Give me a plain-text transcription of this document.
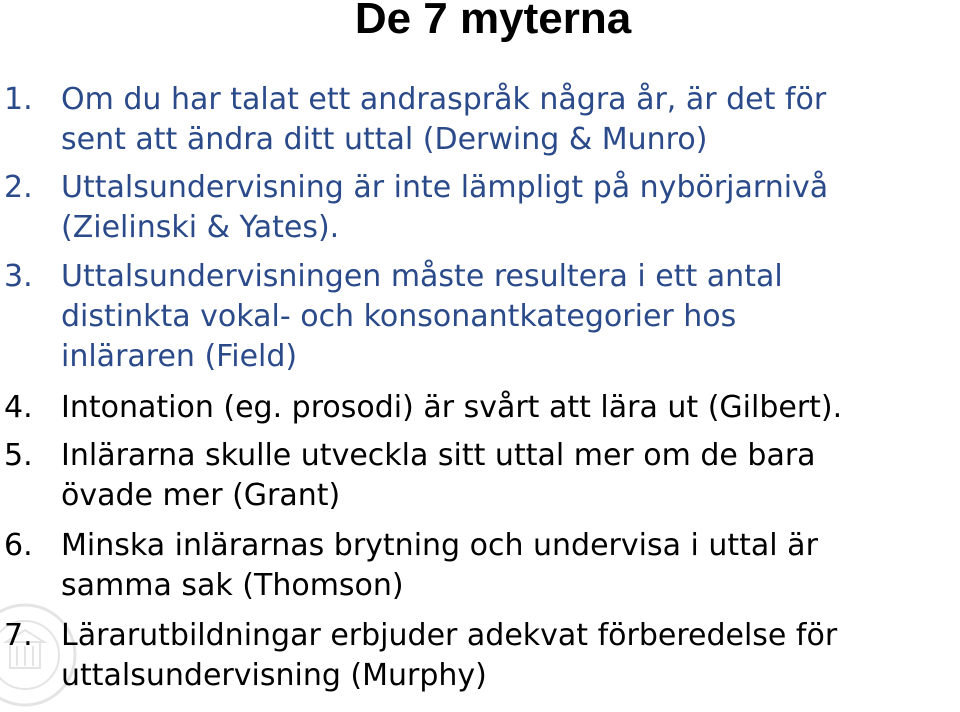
De 7 myterna
1. Om du har talat ett andraspråk några år, är det för
sent att ändra ditt uttal (Derwing & Munro)
2. Uttalsundervisning är inte lämpligt på nybörjarnivå
(Zielinski & Yates).
3. Uttalsundervisningen måste resultera i ett antal
distinkta vokal- och konsonantkategorier hos
inläraren (Field)
4. Intonation (eg. prosodi) är svårt att lära ut (Gilbert).
5. Inlärarna skulle utveckla sitt uttal mer om de bara
övade mer (Grant)
6. Minska inlärarnas brytning och undervisa i uttal är
samma sak (Thomson)
7. Lärarutbildningar erbjuder adekvat förberedelse för
uttalsundervisning (Murphy)
